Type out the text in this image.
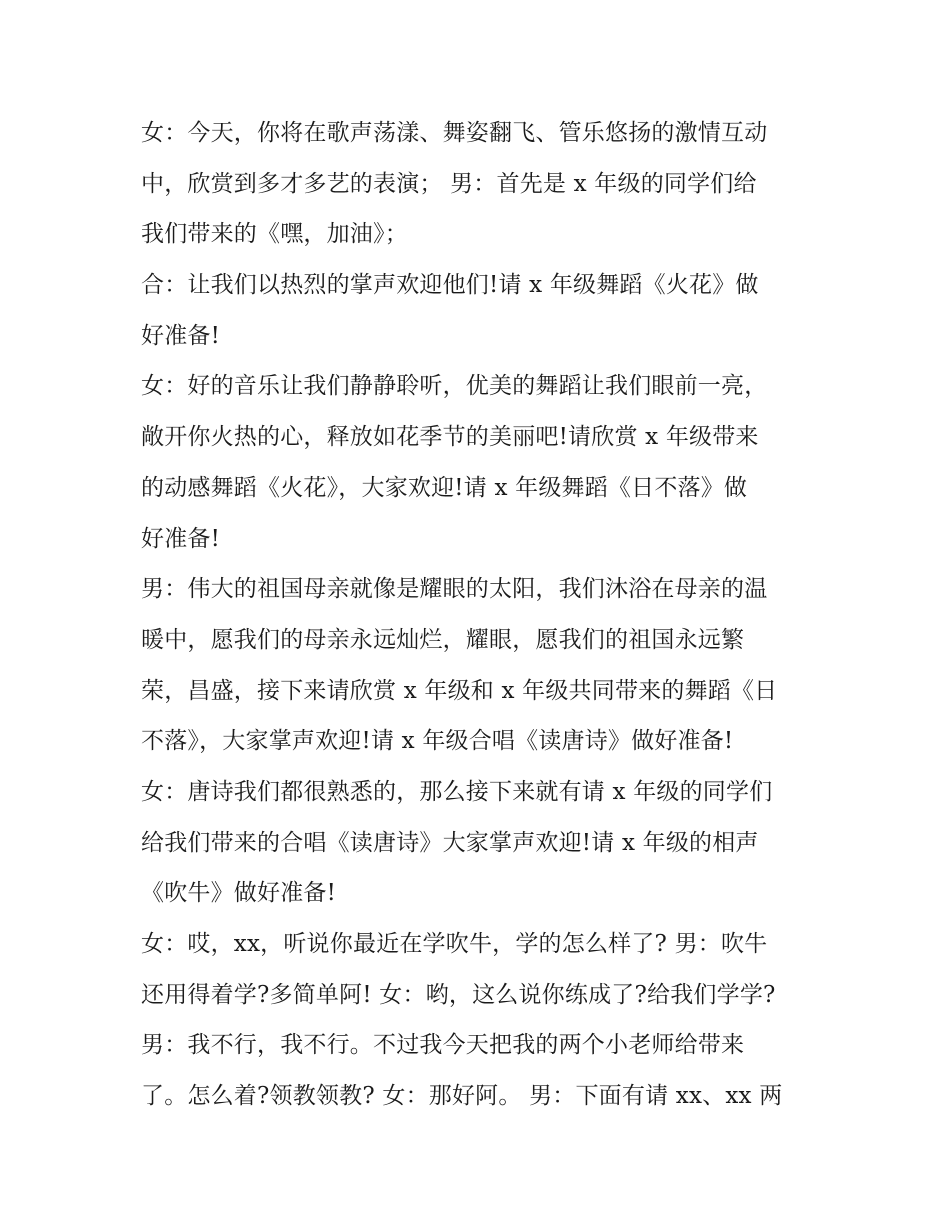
女：今天，你将在歌声荡漾、舞姿翻飞、管乐悠扬的激情互动
中，欣赏到多才多艺的表演； 男：首先是 x 年级的同学们给
我们带来的《嘿，加油》；
合：让我们以热烈的掌声欢迎他们!请 x 年级舞蹈《火花》做
好准备!
女：好的音乐让我们静静聆听，优美的舞蹈让我们眼前一亮，
敞开你火热的心，释放如花季节的美丽吧!请欣赏 x 年级带来
的动感舞蹈《火花》，大家欢迎!请 x 年级舞蹈《日不落》做
好准备!
男：伟大的祖国母亲就像是耀眼的太阳，我们沐浴在母亲的温
暖中，愿我们的母亲永远灿烂，耀眼，愿我们的祖国永远繁
荣，昌盛，接下来请欣赏 x 年级和 x 年级共同带来的舞蹈《日
不落》，大家掌声欢迎!请 x 年级合唱《读唐诗》做好准备!
女：唐诗我们都很熟悉的，那么接下来就有请 x 年级的同学们
给我们带来的合唱《读唐诗》大家掌声欢迎!请 x 年级的相声
《吹牛》做好准备!
女：哎，xx，听说你最近在学吹牛，学的怎么样了? 男：吹牛
还用得着学?多简单阿! 女：哟，这么说你练成了?给我们学学?
男：我不行，我不行。不过我今天把我的两个小老师给带来
了。怎么着?领教领教? 女：那好阿。 男：下面有请 xx、xx 两
